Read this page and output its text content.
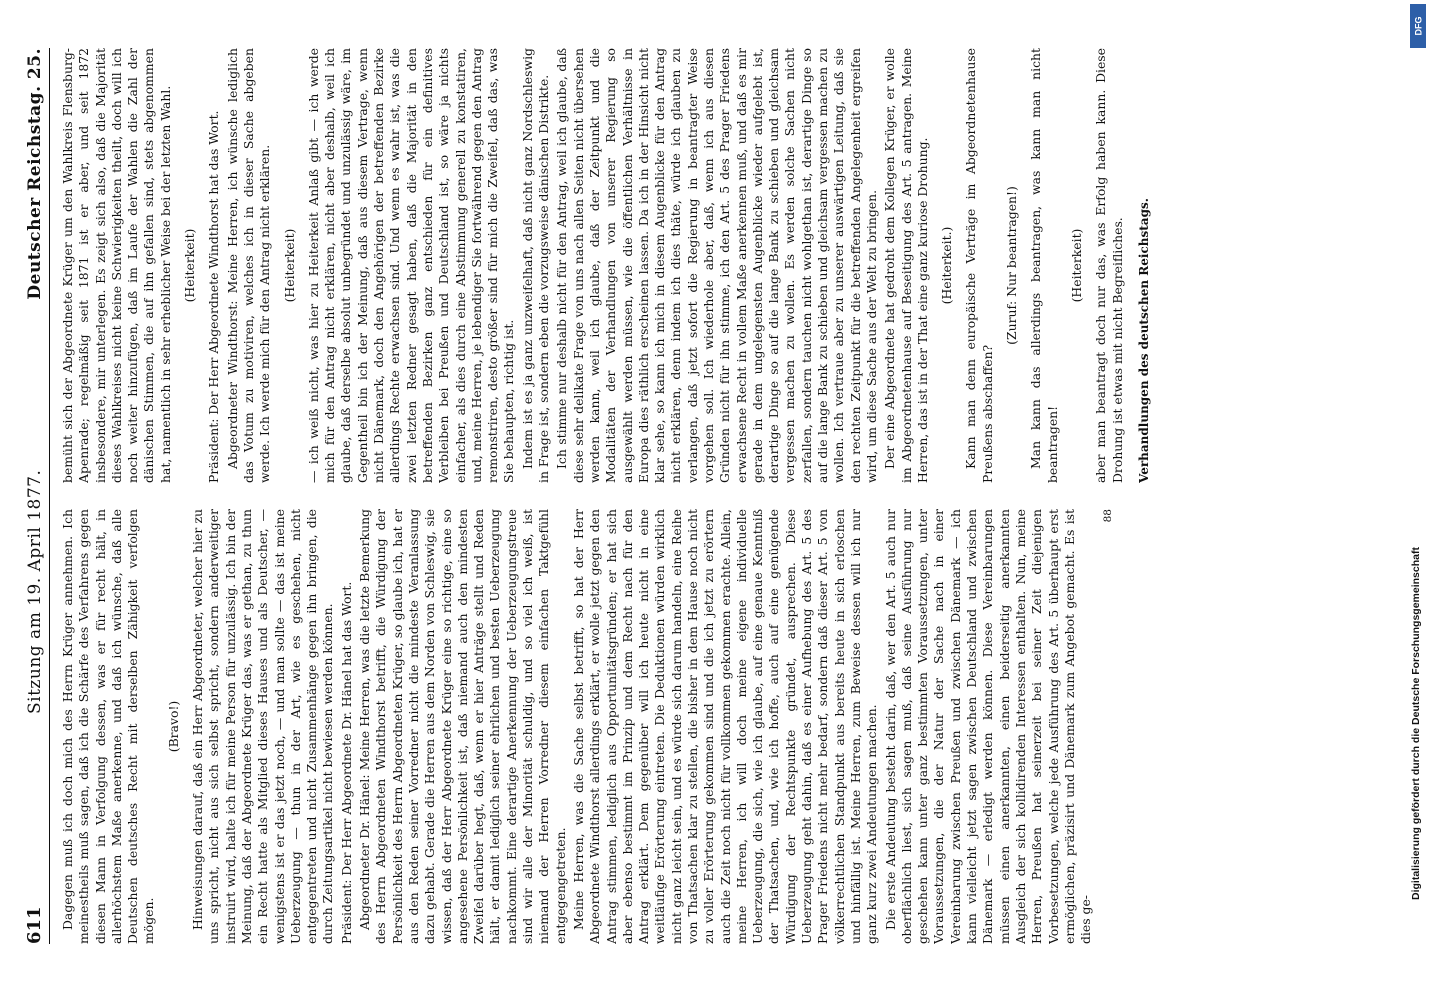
611
Sitzung am 19. April 1877.
Deutscher Reichstag. 25.

Dagegen muß ich doch mich des Herrn Krüger annehmen. Ich meinestheils muß sagen, daß ich die Schärfe des Verfahrens gegen diesen Mann in Verfolgung dessen, was er für recht hält, in allerhöchstem Maße anerkenne, und daß ich wünsche, daß alle Deutschen deutsches Recht mit derselben Zähigkeit verfolgen mögen.

(Bravo!) Hinweisungen darauf, daß ein Herr Abgeordneter, welcher hier zu uns spricht, nicht aus sich selbst spricht, sondern anderweitiger instruirt wird, halte ich für meine Person für unzulässig. Ich bin der Meinung, daß der Abgeordnete Krüger das, was er gethan, zu thun ein Recht hatte als Mitglied dieses Hauses und als Deutscher, — wenigstens ist er das jetzt noch, — und man sollte — das ist meine Ueberzeugung — thun in der Art, wie es geschehen, nicht entgegentreten und nicht Zusammenhänge gegen ihn bringen, die durch Zeitungsartikel nicht bewiesen werden können. Präsident: Der Herr Abgeordnete Dr. Hänel hat das Wort. Abgeordneter Dr. Hänel: Meine Herren, was die letzte Bemerkung des Herrn Abgeordneten Windthorst betrifft, die Würdigung der Persönlichkeit des Herrn Abgeordneten Krüger, so glaube ich, hat er aus den Reden seiner Vorredner nicht die mindeste Veranlassung dazu gehabt. Gerade die Herren aus dem Norden von Schleswig, sie wissen, daß der Herr Abgeordnete Krüger eine so richtige, eine so angesehene Persönlichkeit ist, daß niemand auch den mindesten Zweifel darüber hegt, daß, wenn er hier Anträge stellt und Reden hält, er damit lediglich seiner ehrlichen und besten Ueberzeugung nachkommt. Eine derartige Anerkennung der Ueberzeugungstreue sind wir alle der Minorität schuldig, und so viel ich weiß, ist niemand der Herren Vorredner diesem einfachen Taktgefühl entgegengetreten. Meine Herren, was die Sache selbst betrifft, so hat der Herr Abgeordnete Windthorst allerdings erklärt, er wolle jetzt gegen den Antrag stimmen, lediglich aus Opportunitätsgründen; er hat sich aber ebenso bestimmt im Prinzip und dem Recht nach für den Antrag erklärt. Dem gegenüber will ich heute nicht in eine weitläufige Erörterung eintreten. Die Deduktionen würden wirklich nicht ganz leicht sein, und es würde sich darum handeln, eine Reihe von Thatsachen klar zu stellen, die bisher in dem Hause noch nicht zu voller Erörterung gekommen sind und die ich jetzt zu erörtern auch die Zeit noch nicht für vollkommen gekommen erachte. Allein, meine Herren, ich will doch meine eigene individuelle Ueberzeugung, die sich, wie ich glaube, auf eine genaue Kenntniß der Thatsachen, und, wie ich hoffe, auch auf eine genügende Würdigung der Rechtspunkte gründet, ausprechen. Diese Ueberzeugung geht dahin, daß es einer Aufhebung des Art. 5 des Prager Friedens nicht mehr bedarf, sondern daß dieser Art. 5 von völkerrechtlichen Standpunkt aus bereits heute in sich erloschen und hinfällig ist. Meine Herren, zum Beweise dessen will ich nur ganz kurz zwei Andeutungen machen. Die erste Andeutung besteht darin, daß, wer den Art. 5 auch nur oberflächlich liest, sich sagen muß, daß seine Ausführung nur geschehen kann unter ganz bestimmten Voraussetzungen, unter Voraussetzungen, die der Natur der Sache nach in einer Vereinbarung zwischen Preußen und zwischen Dänemark — ich kann vielleicht jetzt sagen zwischen Deutschland und zwischen Dänemark — erledigt werden können. Diese Vereinbarungen müssen einen anerkannten, einen beiderseitig anerkannten Ausgleich der sich kollidirenden Interessen enthalten. Nun, meine Herren, Preußen hat seinerzeit bei seiner Zeit diejenigen Vorbesetzungen, welche jede Ausführung des Art. 5 überhaupt erst ermöglichen, präzisirt und Dänemark zum Angebot gemacht. Es ist dies ge-

88

bemüht sich der Abgeordnete Krüger um den Wahlkreis Flensburg-Apenrade; regelmäßig seit 1871 ist er aber, und seit 1872 insbesondere, mir unterlegen. Es zeigt sich also, daß die Majorität dieses Wahlkreises nicht keine Schwierigkeiten theilt, doch will ich noch weiter hinzufügen, daß im Laufe der Wahlen die Zahl der dänischen Stimmen, die auf ihn gefallen sind, stets abgenommen hat, namentlich in sehr erheblicher Weise bei der letzten Wahl. (Heiterkeit) Präsident: Der Herr Abgeordnete Windthorst hat das Wort. Abgeordneter Windthorst: Meine Herren, ich wünsche lediglich das Votum zu motiviren, welches ich in dieser Sache abgeben werde. Ich werde mich für den Antrag nicht erklären. (Heiterkeit) — ich weiß nicht, was hier zu Heiterkeit Anlaß gibt — ich werde mich für den Antrag nicht erklären, nicht aber deshalb, weil ich glaube, daß derselbe absolut unbegründet und unzulässig wäre, im Gegentheil bin ich der Meinung, daß aus diesem Vertrage, wenn nicht Dänemark, doch den Angehörigen der betreffenden Bezirke allerdings Rechte erwachsen sind. Und wenn es wahr ist, was die zwei letzten Redner gesagt haben, daß die Majorität in den betreffenden Bezirken ganz entschieden für ein definitives Verbleiben bei Preußen und Deutschland ist, so wäre ja nichts einfacher, als dies durch eine Abstimmung generell zu konstatiren, und, meine Herren, je lebendiger Sie fortwährend gegen den Antrag remonstriren, desto größer sind für mich die Zweifel, daß das, was Sie behaupten, richtig ist. Indem ist es ja ganz unzweifelhaft, daß nicht ganz Nordschleswig in Frage ist, sondern eben die vorzugsweise dänischen Distrikte. Ich stimme nur deshalb nicht für den Antrag, weil ich glaube, daß diese sehr delikate Frage von uns nach allen Seiten nicht übersehen werden kann, weil ich glaube, daß der Zeitpunkt und die Modalitäten der Verhandlungen von unserer Regierung so ausgewählt werden müssen, wie die öffentlichen Verhältnisse in Europa dies räthlich erscheinen lassen. Da ich in der Hinsicht nicht klar sehe, so kann ich mich in diesem Augenblicke für den Antrag nicht erklären, denn indem ich dies thäte, würde ich glauben zu verlangen, daß jetzt sofort die Regierung in beantragter Weise vorgehen soll. Ich wiederhole aber, daß, wenn ich aus diesen Gründen nicht für ihn stimme, ich den Art. 5 des Prager Friedens erwachsene Recht in vollem Maße anerkennen muß, und daß es mir gerade in dem ungelegensten Augenblicke wieder aufgelebt ist, derartige Dinge so auf die lange Bank zu schieben und gleichsam vergessen machen zu wollen. Es werden solche Sachen nicht zerfallen, sondern tauchen nicht wohlgethan ist, derartige Dinge so auf die lange Bank zu schieben und gleichsam vergessen machen zu wollen. Ich vertraue aber zu unserer auswärtigen Leitung, daß sie den rechten Zeitpunkt für die betreffenden Angelegenheit ergreifen wird, um diese Sache aus der Welt zu bringen. Der eine Abgeordnete hat gedroht dem Kollegen Krüger, er wolle im Abgeordnetenhause auf Beseitigung des Art. 5 antragen. Meine Herren, das ist in der That eine ganz kuriose Drohung. (Heiterkeit.) Kann man denn europäische Verträge im Abgeordnetenhause Preußens abschaffen?

(Zuruf: Nur beantragen!) Man kann das allerdings beantragen, was kann man nicht beantragen!

(Heiterkeit) aber man beantragt doch nur das, was Erfolg haben kann. Diese Drohung ist etwas mit nicht Begreifliches. Verhandlungen des deutschen Reichstags.

DFG
Digitalisierung gefördert durch die Deutsche Forschungsgemeinschaft
